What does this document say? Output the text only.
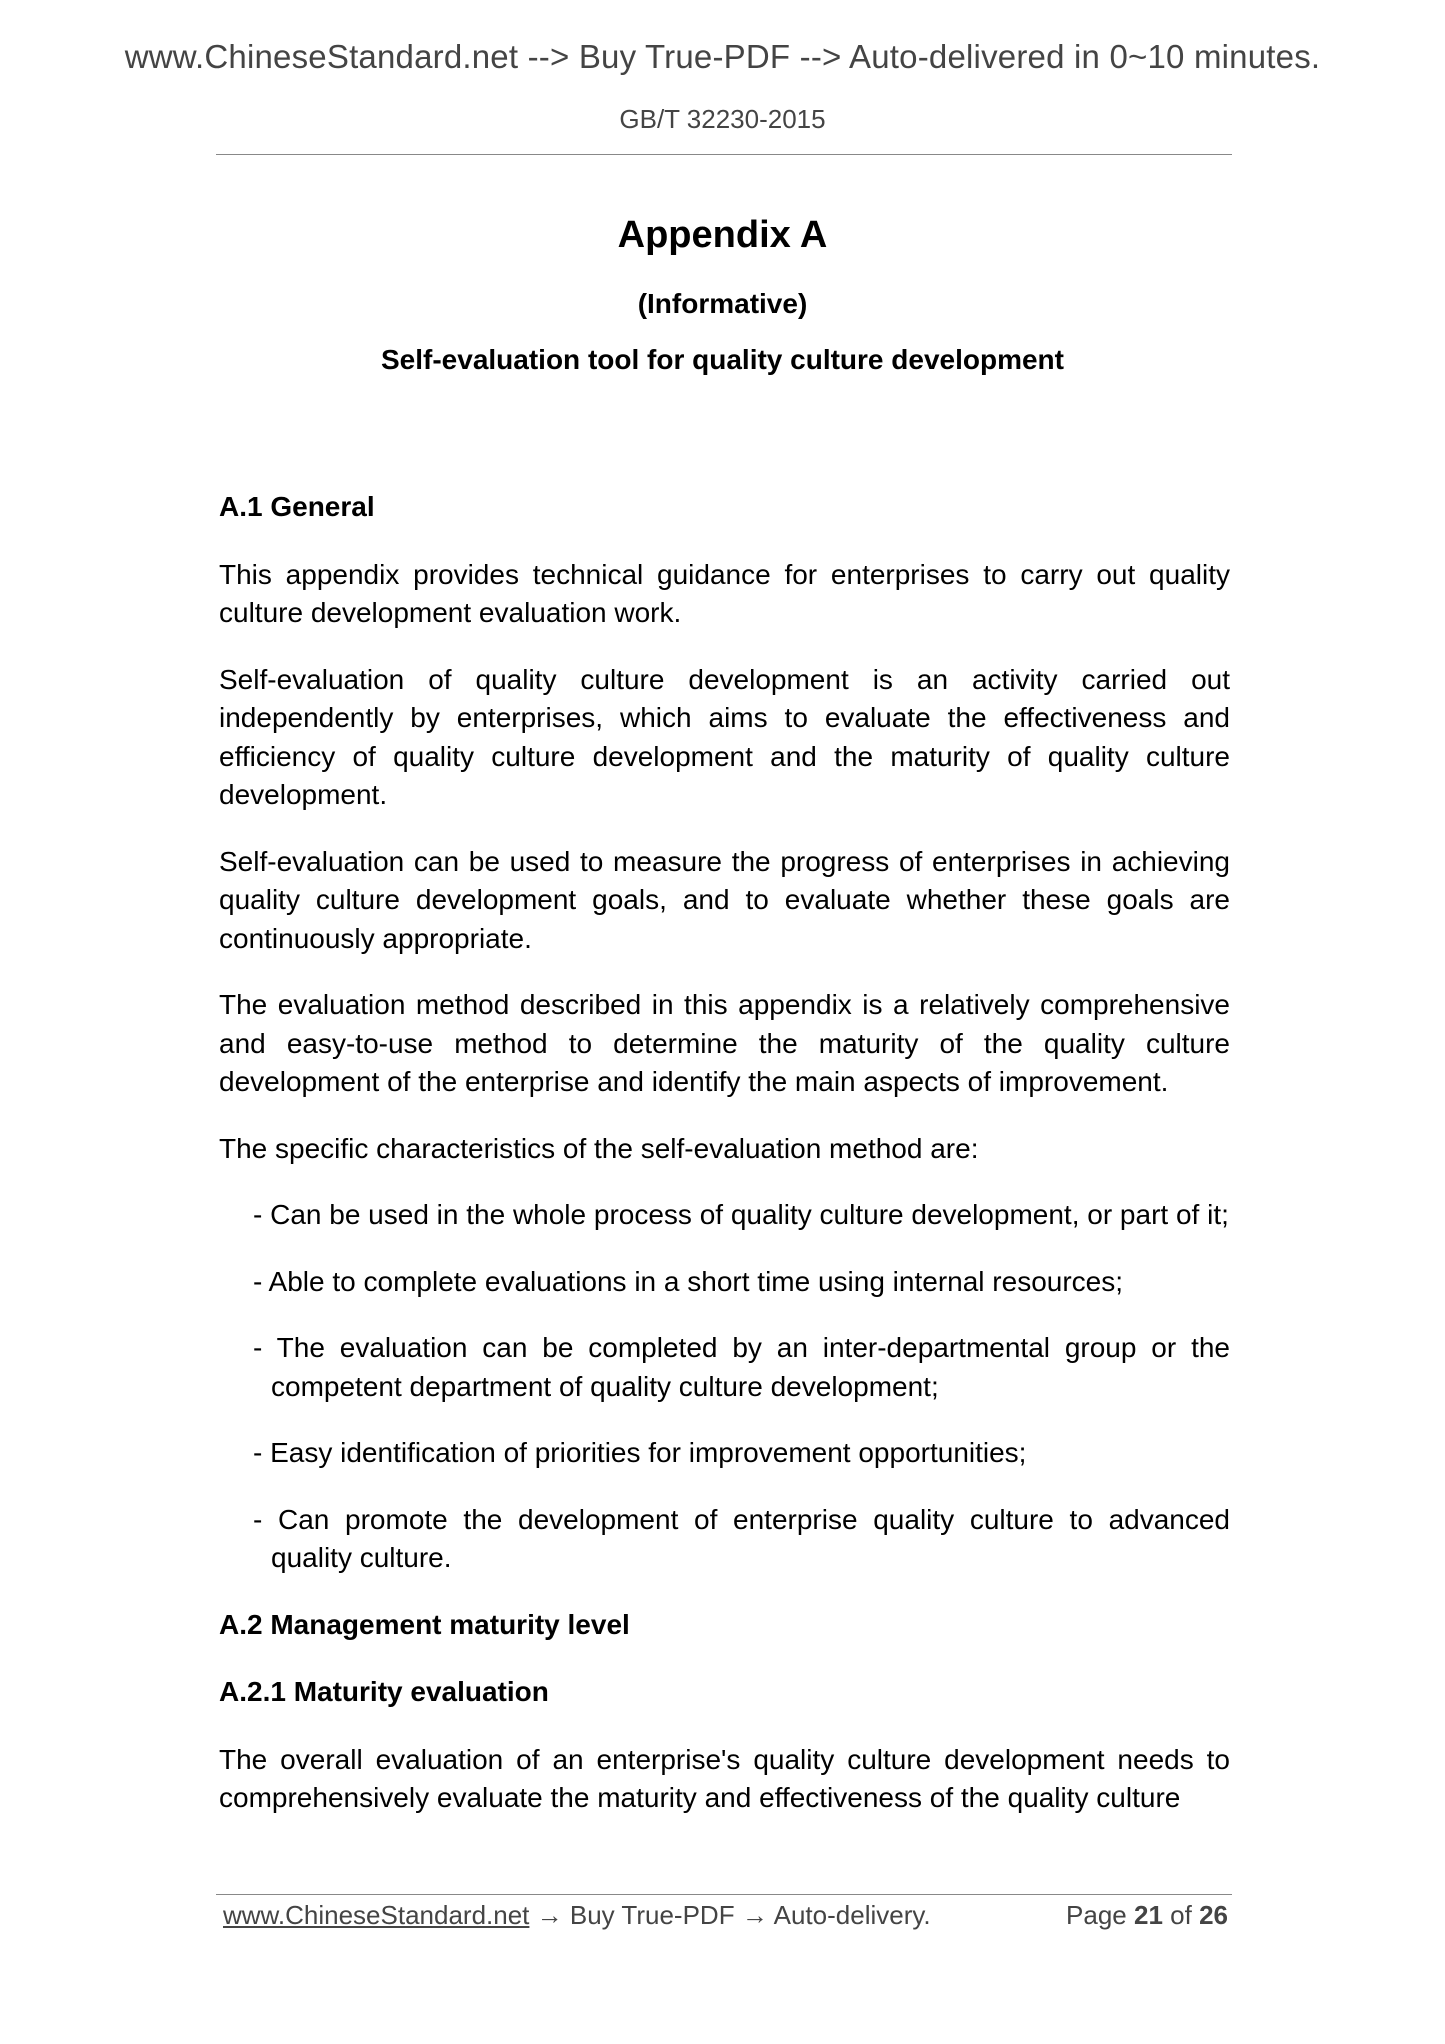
www.ChineseStandard.net --> Buy True-PDF --> Auto-delivered in 0~10 minutes.
GB/T 32230-2015
Appendix A
(Informative)
Self-evaluation tool for quality culture development
A.1 General

This appendix provides technical guidance for enterprises to carry out quality culture development evaluation work.

Self-evaluation of quality culture development is an activity carried out independently by enterprises, which aims to evaluate the effectiveness and efficiency of quality culture development and the maturity of quality culture development.

Self-evaluation can be used to measure the progress of enterprises in achieving quality culture development goals, and to evaluate whether these goals are continuously appropriate.

The evaluation method described in this appendix is a relatively comprehensive and easy-to-use method to determine the maturity of the quality culture development of the enterprise and identify the main aspects of improvement.

The specific characteristics of the self-evaluation method are:

- Can be used in the whole process of quality culture development, or part of it;
- Able to complete evaluations in a short time using internal resources;
- The evaluation can be completed by an inter-departmental group or the competent department of quality culture development;
- Easy identification of priorities for improvement opportunities;
- Can promote the development of enterprise quality culture to advanced quality culture.
A.2 Management maturity level
A.2.1 Maturity evaluation

The overall evaluation of an enterprise's quality culture development needs to comprehensively evaluate the maturity and effectiveness of the quality culture

www.ChineseStandard.net → Buy True-PDF → Auto-delivery.	Page 21 of 26
